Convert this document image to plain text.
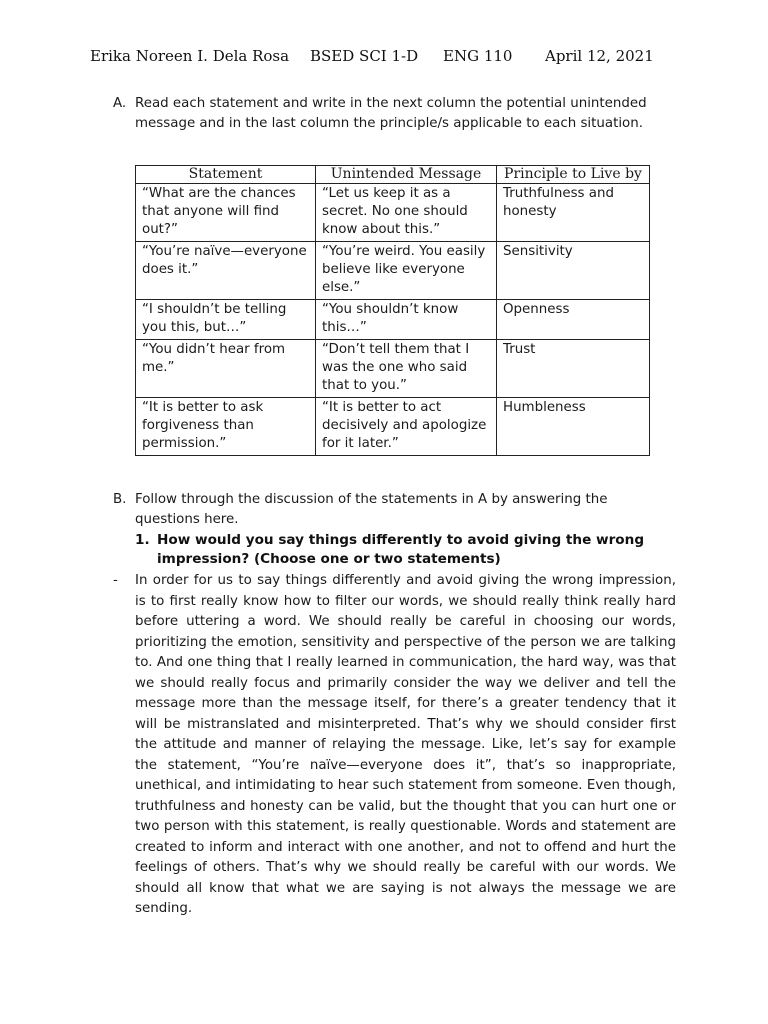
Erika Noreen I. Dela Rosa BSED SCI 1-D ENG 110 April 12, 2021
A. Read each statement and write in the next column the potential unintended message and in the last column the principle/s applicable to each situation.
Statement	Unintended Message	Principle to Live by
“What are the chances that anyone will find out?”	“Let us keep it as a secret. No one should know about this.”	Truthfulness and honesty
“You’re naïve—everyone does it.”	“You’re weird. You easily believe like everyone else.”	Sensitivity
“I shouldn’t be telling you this, but…”	“You shouldn’t know this…”	Openness
“You didn’t hear from me.”	“Don’t tell them that I was the one who said that to you.”	Trust
“It is better to ask forgiveness than permission.”	“It is better to act decisively and apologize for it later.”	Humbleness
B. Follow through the discussion of the statements in A by answering the questions here.
1. How would you say things differently to avoid giving the wrong impression? (Choose one or two statements)
- In order for us to say things differently and avoid giving the wrong impression, is to first really know how to filter our words, we should really think really hard before uttering a word. We should really be careful in choosing our words, prioritizing the emotion, sensitivity and perspective of the person we are talking to. And one thing that I really learned in communication, the hard way, was that we should really focus and primarily consider the way we deliver and tell the message more than the message itself, for there’s a greater tendency that it will be mistranslated and misinterpreted. That’s why we should consider first the attitude and manner of relaying the message. Like, let’s say for example the statement, “You’re naïve—everyone does it”, that’s so inappropriate, unethical, and intimidating to hear such statement from someone. Even though, truthfulness and honesty can be valid, but the thought that you can hurt one or two person with this statement, is really questionable. Words and statement are created to inform and interact with one another, and not to offend and hurt the feelings of others. That’s why we should really be careful with our words. We should all know that what we are saying is not always the message we are sending.
